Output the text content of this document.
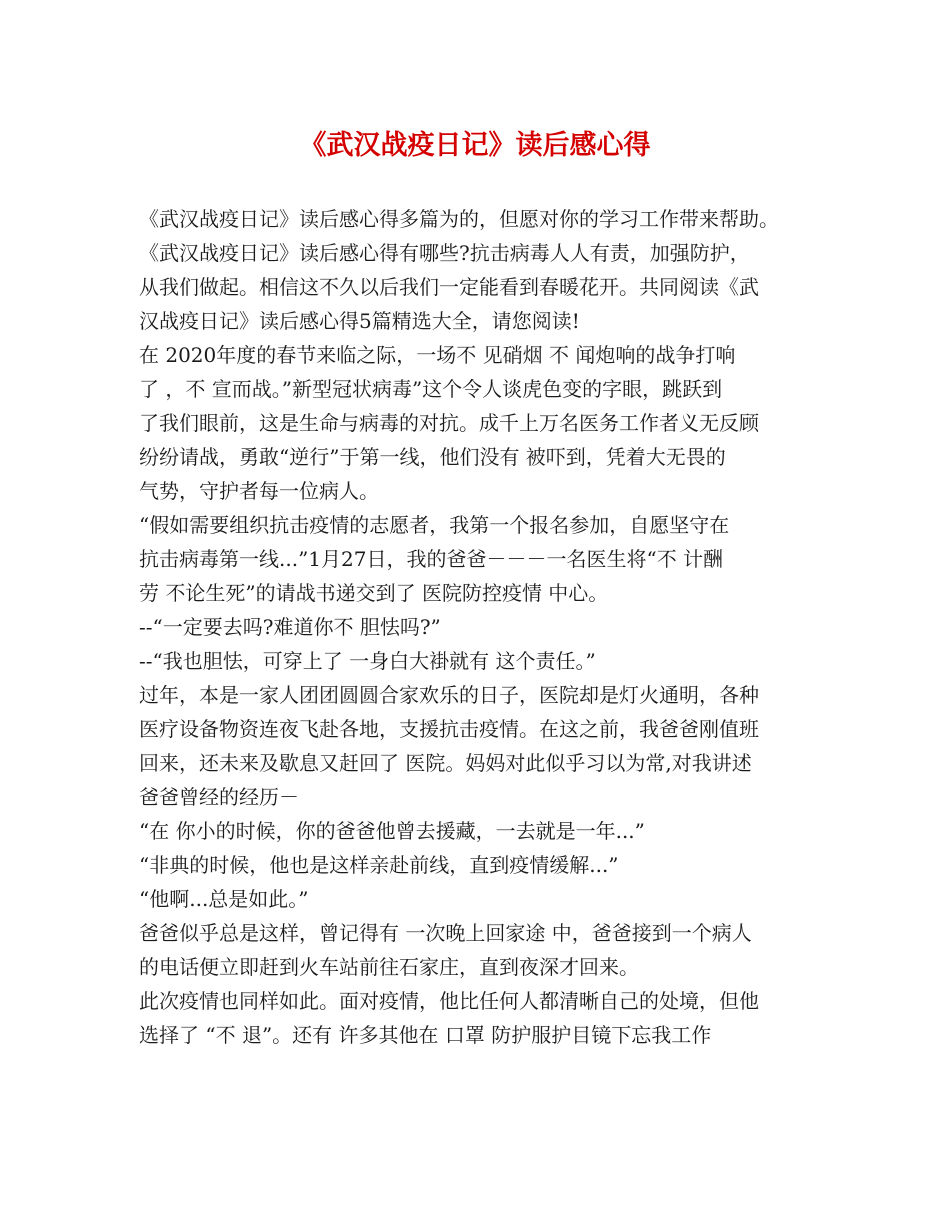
《武汉战疫日记》读后感心得

《武汉战疫日记》读后感心得多篇为的，但愿对你的学习工作带来帮助。

《武汉战疫日记》读后感心得有哪些?抗击病毒人人有责，加强防护，

从我们做起。相信这不久以后我们一定能看到春暖花开。共同阅读《武

汉战疫日记》读后感心得5篇精选大全，请您阅读!

在 2020年度的春节来临之际，一场不 见硝烟 不 闻炮响的战争打响

了 ，不 宣而战。”新型冠状病毒”这个令人谈虎色变的字眼，跳跃到

了我们眼前，这是生命与病毒的对抗。成千上万名医务工作者义无反顾

纷纷请战，勇敢“逆行”于第一线，他们没有 被吓到，凭着大无畏的

气势，守护者每一位病人。

“假如需要组织抗击疫情的志愿者，我第一个报名参加，自愿坚守在

抗击病毒第一线...”1月27日，我的爸爸－－－一名医生将“不 计酬

劳 不论生死”的请战书递交到了 医院防控疫情 中心。

--“一定要去吗?难道你不 胆怯吗?”

--“我也胆怯，可穿上了 一身白大褂就有 这个责任。”

过年，本是一家人团团圆圆合家欢乐的日子，医院却是灯火通明，各种

医疗设备物资连夜飞赴各地，支援抗击疫情。在这之前，我爸爸刚值班

回来，还未来及歇息又赶回了 医院。妈妈对此似乎习以为常,对我讲述

爸爸曾经的经历－

“在 你小的时候，你的爸爸他曾去援藏，一去就是一年...”

“非典的时候，他也是这样亲赴前线，直到疫情缓解...”

“他啊...总是如此。”

爸爸似乎总是这样，曾记得有 一次晚上回家途 中，爸爸接到一个病人

的电话便立即赶到火车站前往石家庄，直到夜深才回来。

此次疫情也同样如此。面对疫情，他比任何人都清晰自己的处境，但他

选择了 “不 退”。还有 许多其他在 口罩 防护服护目镜下忘我工作
